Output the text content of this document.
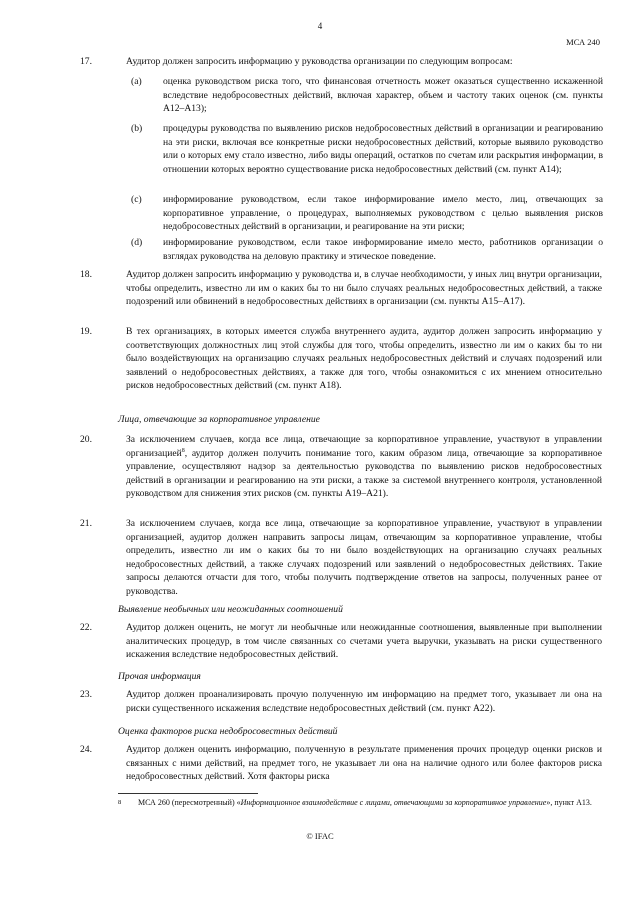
4
МСА 240
17.	Аудитор должен запросить информацию у руководства организации по следующим вопросам:
(a) оценка руководством риска того, что финансовая отчетность может оказаться существенно искаженной вследствие недобросовестных действий, включая характер, объем и частоту таких оценок (см. пункты A12–A13);
(b) процедуры руководства по выявлению рисков недобросовестных действий в организации и реагированию на эти риски, включая все конкретные риски недобросовестных действий, которые выявило руководство или о которых ему стало известно, либо виды операций, остатков по счетам или раскрытия информации, в отношении которых вероятно существование риска недобросовестных действий (см. пункт A14);
(c) информирование руководством, если такое информирование имело место, лиц, отвечающих за корпоративное управление, о процедурах, выполняемых руководством с целью выявления рисков недобросовестных действий в организации, и реагирование на эти риски;
(d) информирование руководством, если такое информирование имело место, работников организации о взглядах руководства на деловую практику и этическое поведение.
18.	Аудитор должен запросить информацию у руководства и, в случае необходимости, у иных лиц внутри организации, чтобы определить, известно ли им о каких бы то ни было случаях реальных недобросовестных действий, а также подозрений или обвинений в недобросовестных действиях в организации (см. пункты A15–A17).
19.	В тех организациях, в которых имеется служба внутреннего аудита, аудитор должен запросить информацию у соответствующих должностных лиц этой службы для того, чтобы определить, известно ли им о каких бы то ни было воздействующих на организацию случаях реальных недобросовестных действий и случаях подозрений или заявлений о недобросовестных действиях, а также для того, чтобы ознакомиться с их мнением относительно рисков недобросовестных действий (см. пункт A18).
Лица, отвечающие за корпоративное управление
20.	За исключением случаев, когда все лица, отвечающие за корпоративное управление, участвуют в управлении организацией$^8$, аудитор должен получить понимание того, каким образом лица, отвечающие за корпоративное управление, осуществляют надзор за деятельностью руководства по выявлению рисков недобросовестных действий в организации и реагированию на эти риски, а также за системой внутреннего контроля, установленной руководством для снижения этих рисков (см. пункты A19–A21).
21.	За исключением случаев, когда все лица, отвечающие за корпоративное управление, участвуют в управлении организацией, аудитор должен направить запросы лицам, отвечающим за корпоративное управление, чтобы определить, известно ли им о каких бы то ни было воздействующих на организацию случаях реальных недобросовестных действий, а также случаях подозрений или заявлений о недобросовестных действиях. Такие запросы делаются отчасти для того, чтобы получить подтверждение ответов на запросы, полученных ранее от руководства.
Выявление необычных или неожиданных соотношений
22.	Аудитор должен оценить, не могут ли необычные или неожиданные соотношения, выявленные при выполнении аналитических процедур, в том числе связанных со счетами учета выручки, указывать на риски существенного искажения вследствие недобросовестных действий.
Прочая информация
23.	Аудитор должен проанализировать прочую полученную им информацию на предмет того, указывает ли она на риски существенного искажения вследствие недобросовестных действий (см. пункт A22).
Оценка факторов риска недобросовестных действий
24.	Аудитор должен оценить информацию, полученную в результате применения прочих процедур оценки рисков и связанных с ними действий, на предмет того, не указывает ли она на наличие одного или более факторов риска недобросовестных действий. Хотя факторы риска
8 МСА 260 (пересмотренный) «Информационное взаимодействие с лицами, отвечающими за корпоративное управление», пункт A13.
© IFAC
